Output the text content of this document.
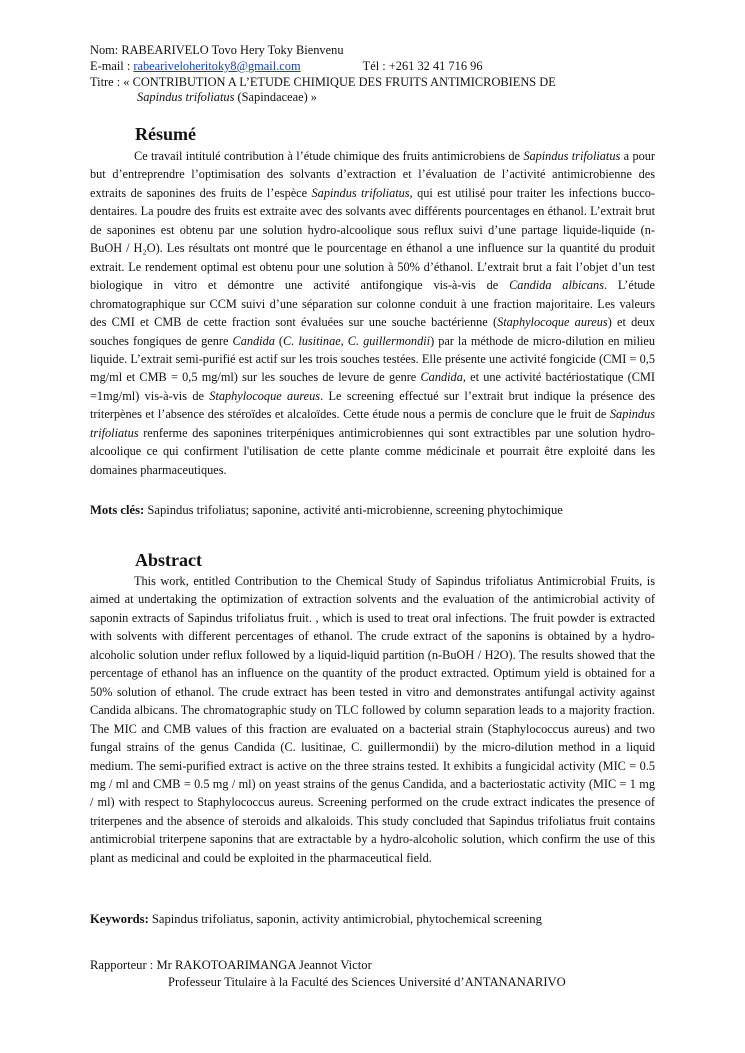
Nom: RABEARIVELO Tovo Hery Toky Bienvenu
E-mail : rabeariveloheritoky8@gmail.com	Tél : +261 32 41 716 96
Titre : « CONTRIBUTION A L’ETUDE CHIMIQUE DES FRUITS ANTIMICROBIENS DE
Sapindus trifoliatus (Sapindaceae) »
Résumé

Ce travail intitulé contribution à l’étude chimique des fruits antimicrobiens de Sapindus trifoliatus a pour but d’entreprendre l’optimisation des solvants d’extraction et l’évaluation de l’activité antimicrobienne des extraits de saponines des fruits de l’espèce Sapindus trifoliatus, qui est utilisé pour traiter les infections bucco-dentaires. La poudre des fruits est extraite avec des solvants avec différents pourcentages en éthanol. L’extrait brut de saponines est obtenu par une solution hydro-alcoolique sous reflux suivi d’une partage liquide-liquide (n-BuOH / H₂O). Les résultats ont montré que le pourcentage en éthanol a une influence sur la quantité du produit extrait. Le rendement optimal est obtenu pour une solution à 50% d’éthanol. L’extrait brut a fait l’objet d’un test biologique in vitro et démontre une activité antifongique vis-à-vis de Candida albicans. L’étude chromatographique sur CCM suivi d’une séparation sur colonne conduit à une fraction majoritaire. Les valeurs des CMI et CMB de cette fraction sont évaluées sur une souche bactérienne (Staphylocoque aureus) et deux souches fongiques de genre Candida (C. lusitinae, C. guillermondii) par la méthode de micro-dilution en milieu liquide. L’extrait semi-purifié est actif sur les trois souches testées. Elle présente une activité fongicide (CMI = 0,5 mg/ml et CMB = 0,5 mg/ml) sur les souches de levure de genre Candida, et une activité bactériostatique (CMI =1mg/ml) vis-à-vis de Staphylocoque aureus. Le screening effectué sur l’extrait brut indique la présence des triterpènes et l’absence des stéroïdes et alcaloïdes. Cette étude nous a permis de conclure que le fruit de Sapindus trifoliatus renferme des saponines triterpéniques antimicrobiennes qui sont extractibles par une solution hydro-alcoolique ce qui confirment l'utilisation de cette plante comme médicinale et pourrait être exploité dans les domaines pharmaceutiques.

Mots clés: Sapindus trifoliatus; saponine, activité anti-microbienne, screening phytochimique
Abstract

This work, entitled Contribution to the Chemical Study of Sapindus trifoliatus Antimicrobial Fruits, is aimed at undertaking the optimization of extraction solvents and the evaluation of the antimicrobial activity of saponin extracts of Sapindus trifoliatus fruit. , which is used to treat oral infections. The fruit powder is extracted with solvents with different percentages of ethanol. The crude extract of the saponins is obtained by a hydro-alcoholic solution under reflux followed by a liquid-liquid partition (n-BuOH / H2O). The results showed that the percentage of ethanol has an influence on the quantity of the product extracted. Optimum yield is obtained for a 50% solution of ethanol. The crude extract has been tested in vitro and demonstrates antifungal activity against Candida albicans. The chromatographic study on TLC followed by column separation leads to a majority fraction. The MIC and CMB values of this fraction are evaluated on a bacterial strain (Staphylococcus aureus) and two fungal strains of the genus Candida (C. lusitinae, C. guillermondii) by the micro-dilution method in a liquid medium. The semi-purified extract is active on the three strains tested. It exhibits a fungicidal activity (MIC = 0.5 mg / ml and CMB = 0.5 mg / ml) on yeast strains of the genus Candida, and a bacteriostatic activity (MIC = 1 mg / ml) with respect to Staphylococcus aureus. Screening performed on the crude extract indicates the presence of triterpenes and the absence of steroids and alkaloids. This study concluded that Sapindus trifoliatus fruit contains antimicrobial triterpene saponins that are extractable by a hydro-alcoholic solution, which confirm the use of this plant as medicinal and could be exploited in the pharmaceutical field.

Keywords: Sapindus trifoliatus, saponin, activity antimicrobial, phytochemical screening
Rapporteur : Mr RAKOTOARIMANGA Jeannot Victor
Professeur Titulaire à la Faculté des Sciences Université d’ANTANANARIVO
